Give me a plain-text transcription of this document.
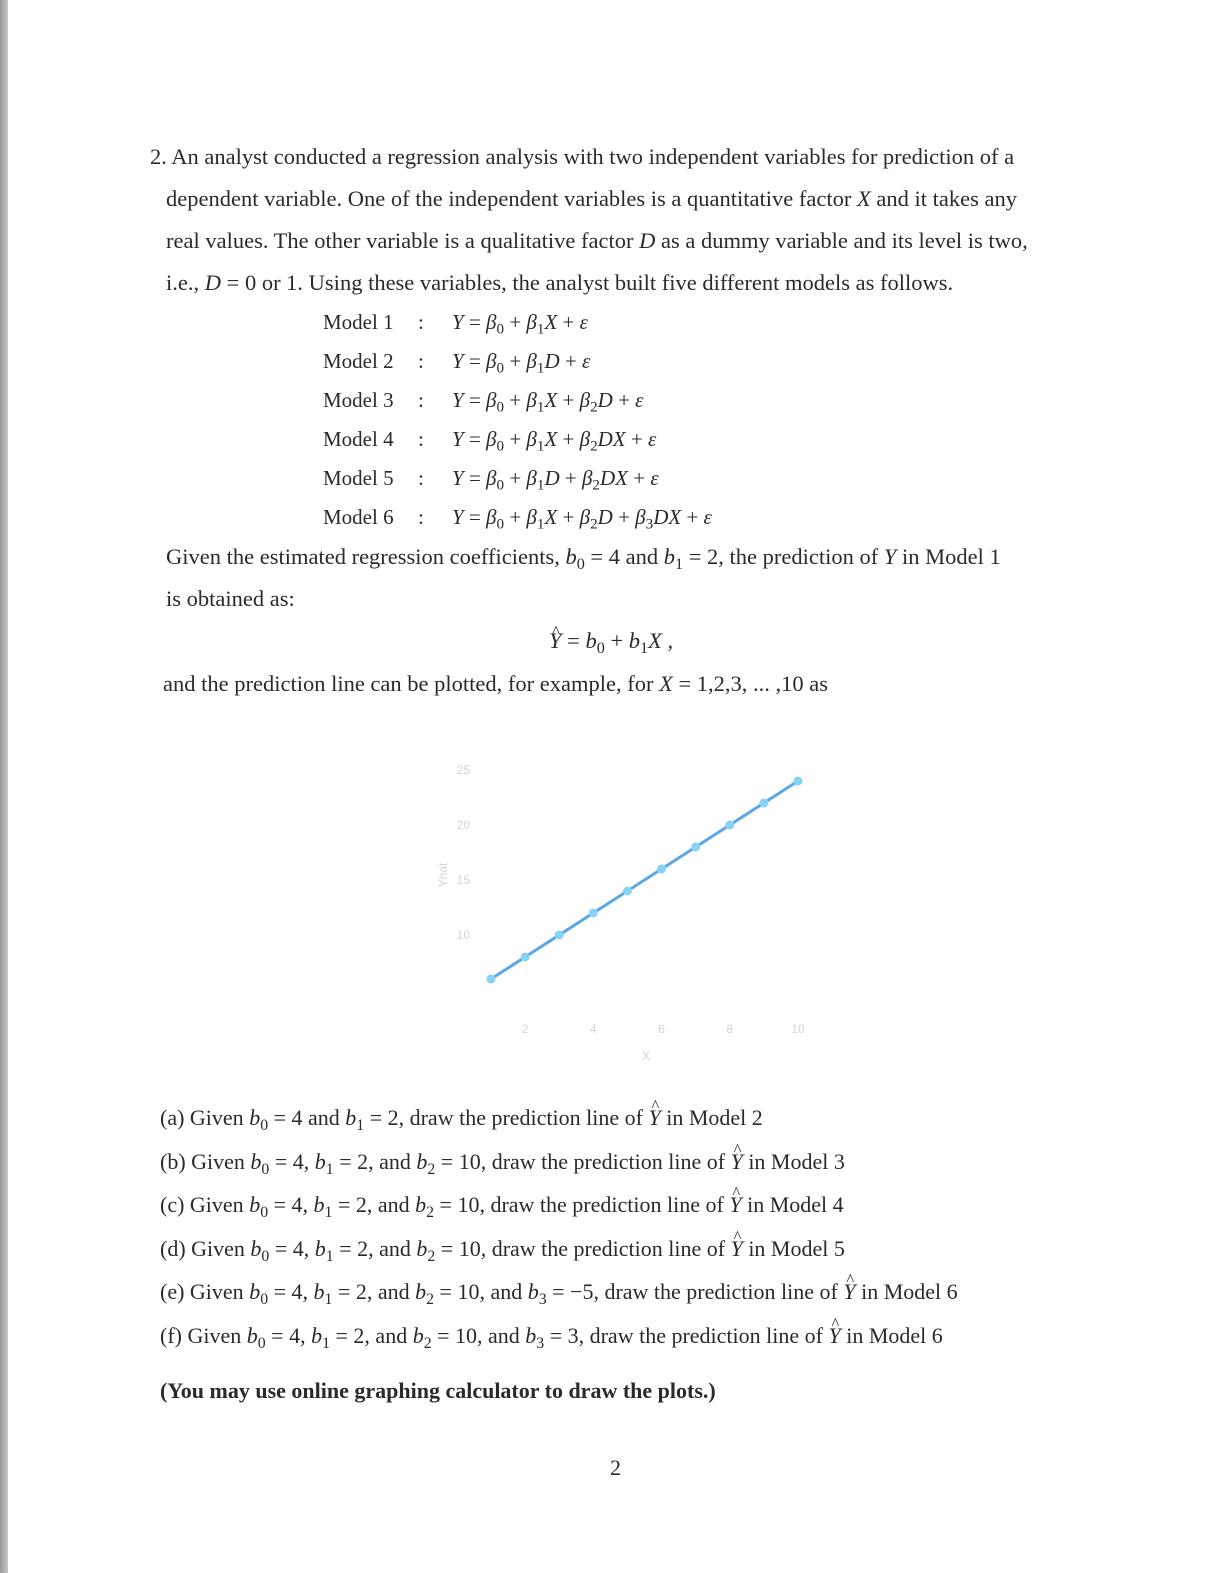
2. An analyst conducted a regression analysis with two independent variables for prediction of a
dependent variable. One of the independent variables is a quantitative factor X and it takes any
real values. The other variable is a qualitative factor D as a dummy variable and its level is two,
i.e., D = 0 or 1. Using these variables, the analyst built five different models as follows.
Model 1 : $Y = \beta_0 + \beta_1X + \varepsilon$
Model 2 : $Y = \beta_0 + \beta_1D + \varepsilon$
Model 3 : $Y = \beta_0 + \beta_1X + \beta_2D + \varepsilon$
Model 4 : $Y = \beta_0 + \beta_1X + \beta_2DX + \varepsilon$
Model 5 : $Y = \beta_0 + \beta_1D + \beta_2DX + \varepsilon$
Model 6 : $Y = \beta_0 + \beta_1X + \beta_2D + \beta_3DX + \varepsilon$
Given the estimated regression coefficients, $b_0 = 4$ and $b_1 = 2$, the prediction of Y in Model 1
is obtained as:
^ $Y = b_0 + b_1X$ ,
and the prediction line can be plotted, for example, for X = 1,2,3, ... ,10 as
10
15
20
25
2	4	6	8	10
Yhat
X
(a) Given $b_0 = 4$ and $b_1 = 2$, draw the prediction line of ^ Y in Model 2
(b) Given $b_0 = 4$, $b_1 = 2$, and $b_2 = 10$, draw the prediction line of ^ Y in Model 3
(c) Given $b_0 = 4$, $b_1 = 2$, and $b_2 = 10$, draw the prediction line of ^ Y in Model 4
(d) Given $b_0 = 4$, $b_1 = 2$, and $b_2 = 10$, draw the prediction line of ^ Y in Model 5
(e) Given $b_0 = 4$, $b_1 = 2$, and $b_2 = 10$, and $b_3 = -5$, draw the prediction line of ^ Y in Model 6
(f) Given $b_0 = 4$, $b_1 = 2$, and $b_2 = 10$, and $b_3 = 3$, draw the prediction line of ^ Y in Model 6
(You may use online graphing calculator to draw the plots.)
2
